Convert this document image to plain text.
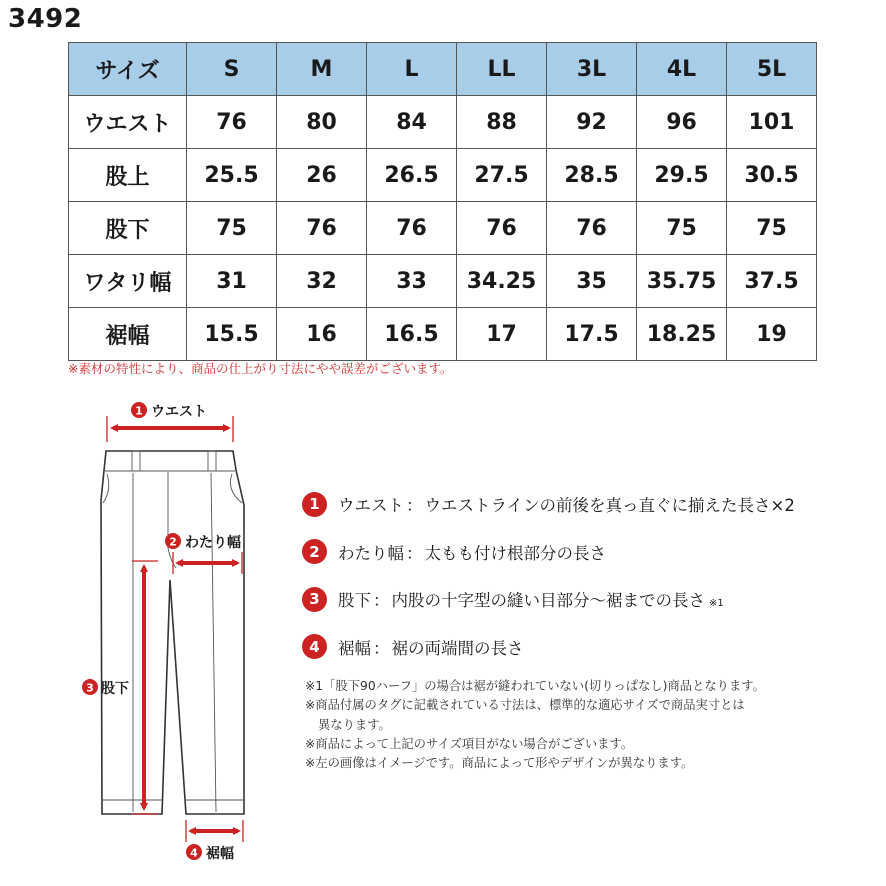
3492
サイズ	S	M	L	LL	3L	4L	5L
ウエスト	76	80	84	88	92	96	101
股上	25.5	26	26.5	27.5	28.5	29.5	30.5
股下	75	76	76	76	76	75	75
ワタリ幅	31	32	33	34.25	35	35.75	37.5
裾幅	15.5	16	16.5	17	17.5	18.25	19
※素材の特性により、商品の仕上がり寸法にやや誤差がございます。
1 ウエスト
2 わたり幅
3 股下
4 裾幅
1	ウエスト ： ウエストラインの前後を真っ直ぐに揃えた長さ×2
2	わたり幅 ： 太もも付け根部分の長さ
3	股下 ： 内股の十字型の縫い目部分～裾までの長さ ※1
4	裾幅 ： 裾の両端間の長さ
※1「股下90ハーフ」の場合は裾が縫われていない(切りっぱなし)商品となります。
※商品付属のタグに記載されている寸法は、標準的な適応サイズで商品実寸とは
異なります。
※商品によって上記のサイズ項目がない場合がございます。
※左の画像はイメージです。商品によって形やデザインが異なります。
